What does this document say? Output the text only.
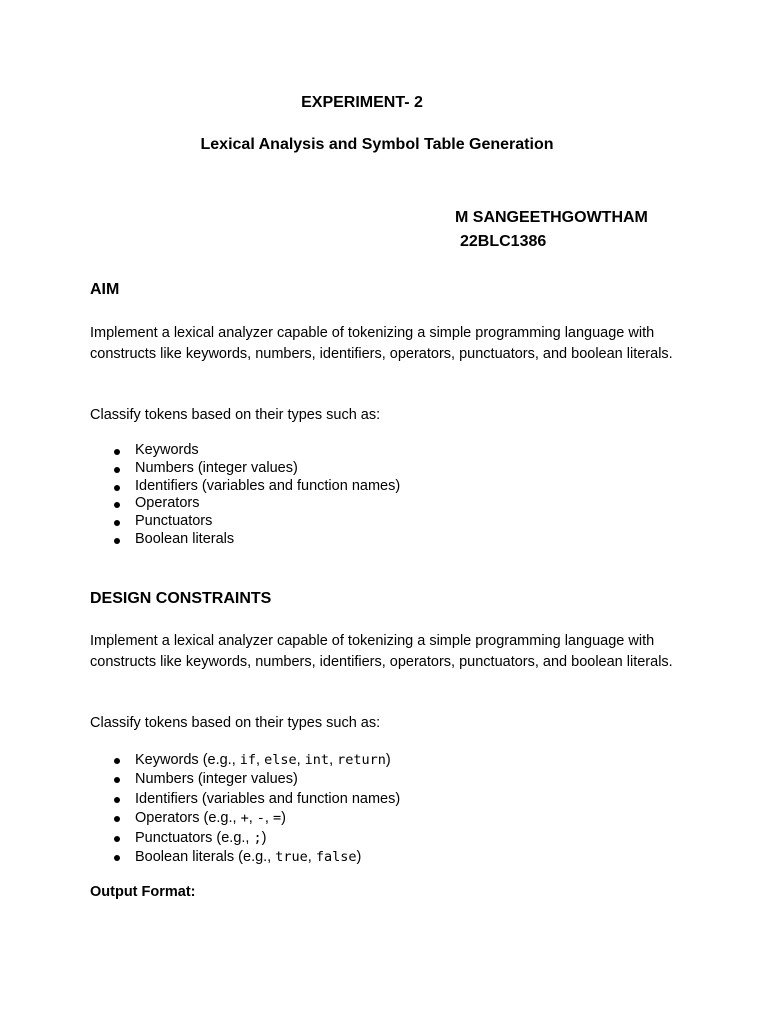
EXPERIMENT- 2
Lexical Analysis and Symbol Table Generation
M SANGEETHGOWTHAM
22BLC1386
AIM

Implement a lexical analyzer capable of tokenizing a simple programming language with constructs like keywords, numbers, identifiers, operators, punctuators, and boolean literals.

Classify tokens based on their types such as:

Keywords
Numbers (integer values)
Identifiers (variables and function names)
Operators
Punctuators
Boolean literals
DESIGN CONSTRAINTS

Implement a lexical analyzer capable of tokenizing a simple programming language with constructs like keywords, numbers, identifiers, operators, punctuators, and boolean literals.

Classify tokens based on their types such as:

Keywords (e.g., if, else, int, return)
Numbers (integer values)
Identifiers (variables and function names)
Operators (e.g., +, -, =)
Punctuators (e.g., ;)
Boolean literals (e.g., true, false)
Output Format:
